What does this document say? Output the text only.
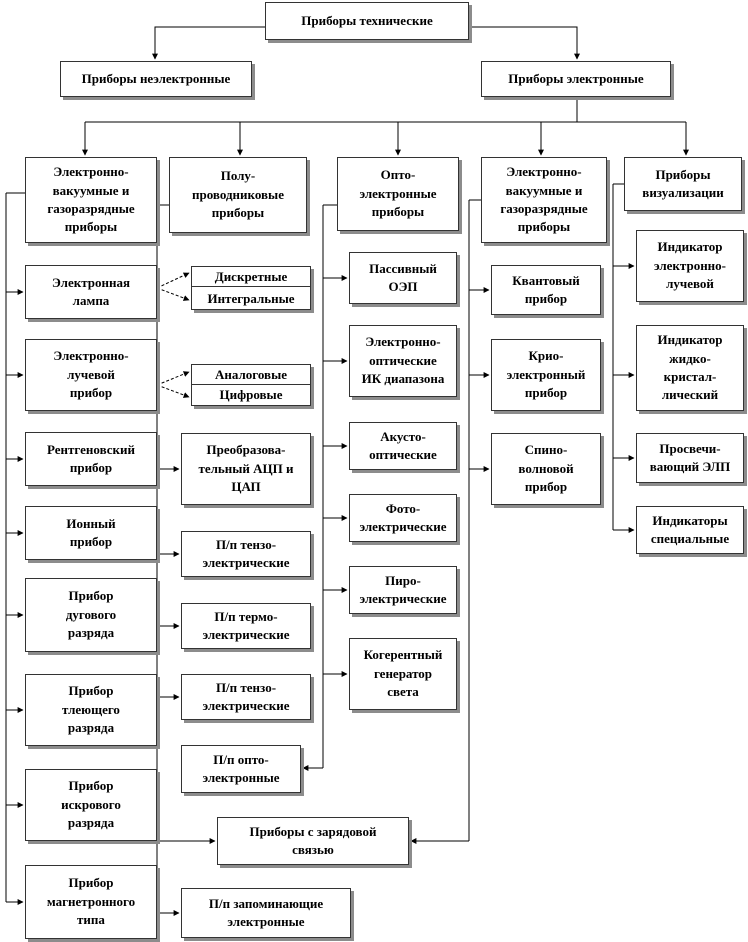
Приборы технические
Приборы неэлектронные	Приборы электронные
Электронно-
вакуумные и
газоразрядные
приборы
Полу-
проводниковые
приборы
Опто-
электронные
приборы
Электронно-
вакуумные и
газоразрядные
приборы
Приборы
визуализации
Электронная
лампа
Электронно-
лучевой
прибор
Рентгеновский
прибор
Ионный
прибор
Прибор
дугового
разряда
Прибор
тлеющего
разряда
Прибор
искрового
разряда
Прибор
магнетронного
типа
Дискретные
Интегральные
Аналоговые
Цифровые
Преобразова-
тельный АЦП и
ЦАП
П/п тензо-
электрические
П/п термо-
электрические
П/п тензо-
электрические
П/п опто-
электронные
П/п запоминающие
электронные
Пассивный
ОЭП
Электронно-
оптические
ИК диапазона
Акусто-
оптические
Фото-
электрические
Пиро-
электрические
Когерентный
генератор
света
Квантовый
прибор
Крио-
электронный
прибор
Спино-
волновой
прибор
Индикатор
электронно-
лучевой
Индикатор
жидко-
кристал-
лический
Просвечи-
вающий ЭЛП
Индикаторы
специальные
Приборы с зарядовой
связью
